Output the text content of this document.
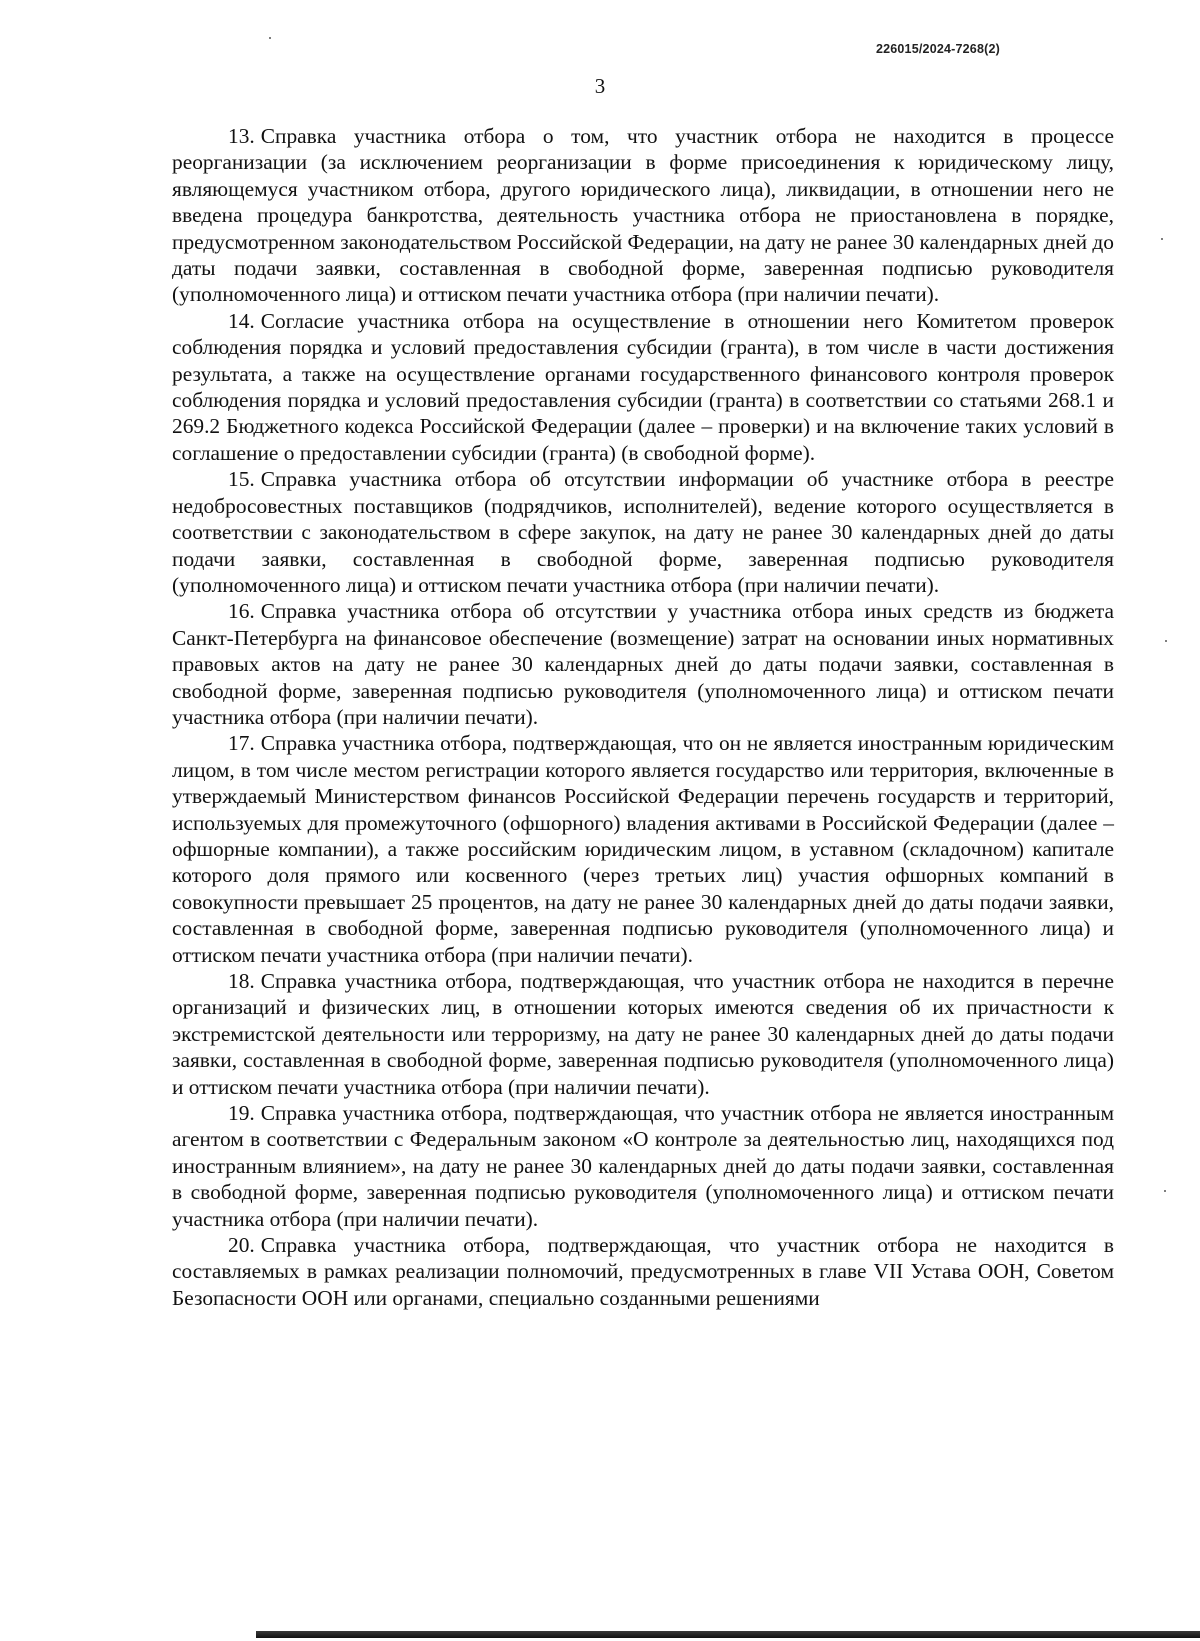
226015/2024-7268(2)
3

13. Справка участника отбора о том, что участник отбора не находится в процессе реорганизации (за исключением реорганизации в форме присоединения к юридическому лицу, являющемуся участником отбора, другого юридического лица), ликвидации, в отношении него не введена процедура банкротства, деятельность участника отбора не приостановлена в порядке, предусмотренном законодательством Российской Федерации, на дату не ранее 30 календарных дней до даты подачи заявки, составленная в свободной форме, заверенная подписью руководителя (уполномоченного лица) и оттиском печати участника отбора (при наличии печати).

14. Согласие участника отбора на осуществление в отношении него Комитетом проверок соблюдения порядка и условий предоставления субсидии (гранта), в том числе в части достижения результата, а также на осуществление органами государственного финансового контроля проверок соблюдения порядка и условий предоставления субсидии (гранта) в соответствии со статьями 268.1 и 269.2 Бюджетного кодекса Российской Федерации (далее – проверки) и на включение таких условий в соглашение о предоставлении субсидии (гранта) (в свободной форме).

15. Справка участника отбора об отсутствии информации об участнике отбора в реестре недобросовестных поставщиков (подрядчиков, исполнителей), ведение которого осуществляется в соответствии с законодательством в сфере закупок, на дату не ранее 30 календарных дней до даты подачи заявки, составленная в свободной форме, заверенная подписью руководителя (уполномоченного лица) и оттиском печати участника отбора (при наличии печати).

16. Справка участника отбора об отсутствии у участника отбора иных средств из бюджета Санкт-Петербурга на финансовое обеспечение (возмещение) затрат на основании иных нормативных правовых актов на дату не ранее 30 календарных дней до даты подачи заявки, составленная в свободной форме, заверенная подписью руководителя (уполномоченного лица) и оттиском печати участника отбора (при наличии печати).

17. Справка участника отбора, подтверждающая, что он не является иностранным юридическим лицом, в том числе местом регистрации которого является государство или территория, включенные в утверждаемый Министерством финансов Российской Федерации перечень государств и территорий, используемых для промежуточного (офшорного) владения активами в Российской Федерации (далее – офшорные компании), а также российским юридическим лицом, в уставном (складочном) капитале которого доля прямого или косвенного (через третьих лиц) участия офшорных компаний в совокупности превышает 25 процентов, на дату не ранее 30 календарных дней до даты подачи заявки, составленная в свободной форме, заверенная подписью руководителя (уполномоченного лица) и оттиском печати участника отбора (при наличии печати).

18. Справка участника отбора, подтверждающая, что участник отбора не находится в перечне организаций и физических лиц, в отношении которых имеются сведения об их причастности к экстремистской деятельности или терроризму, на дату не ранее 30 календарных дней до даты подачи заявки, составленная в свободной форме, заверенная подписью руководителя (уполномоченного лица) и оттиском печати участника отбора (при наличии печати).

19. Справка участника отбора, подтверждающая, что участник отбора не является иностранным агентом в соответствии с Федеральным законом «О контроле за деятельностью лиц, находящихся под иностранным влиянием», на дату не ранее 30 календарных дней до даты подачи заявки, составленная в свободной форме, заверенная подписью руководителя (уполномоченного лица) и оттиском печати участника отбора (при наличии печати).

20. Справка участника отбора, подтверждающая, что участник отбора не находится в составляемых в рамках реализации полномочий, предусмотренных в главе VII Устава ООН, Советом Безопасности ООН или органами, специально созданными решениями
